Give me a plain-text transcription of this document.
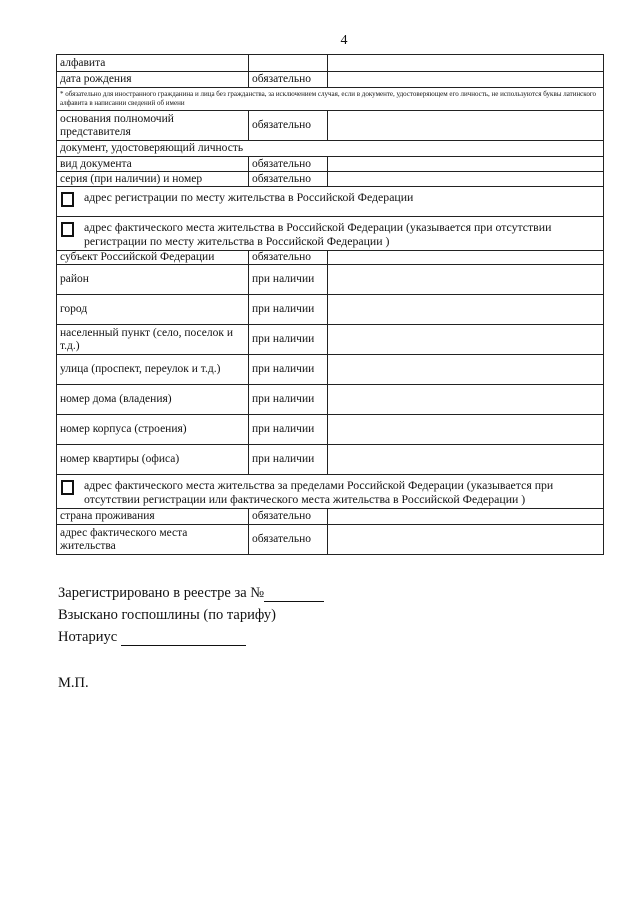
4
алфавита		
дата рождения	обязательно	
* обязательно для иностранного гражданина и лица без гражданства, за исключением случая, если в документе, удостоверяющем его личность, не используются буквы латинского алфавита в написании сведений об имени		
основания полномочий представителя	обязательно	
документ, удостоверяющий личность		
вид документа	обязательно	
серия (при наличии) и номер	обязательно	

адрес регистрации по месту жительства в Российской Федерации		

адрес фактического места жительства в Российской Федерации (указывается при отсутствии регистрации по месту жительства в Российской Федерации )		
субъект Российской Федерации	обязательно	
район	при наличии	
город	при наличии	
населенный пункт (село, поселок и т.д.)	при наличии	
улица (проспект, переулок и т.д.)	при наличии	
номер дома (владения)	при наличии	
номер корпуса (строения)	при наличии	
номер квартиры (офиса)	при наличии	

адрес фактического места жительства за пределами Российской Федерации (указывается при отсутствии регистрации или фактического места жительства в Российской Федерации )		
страна проживания	обязательно	
адрес фактического места жительства	обязательно	
Зарегистрировано в реестре за №
Взыскано госпошлины (по тарифу)
Нотариус
М.П.
